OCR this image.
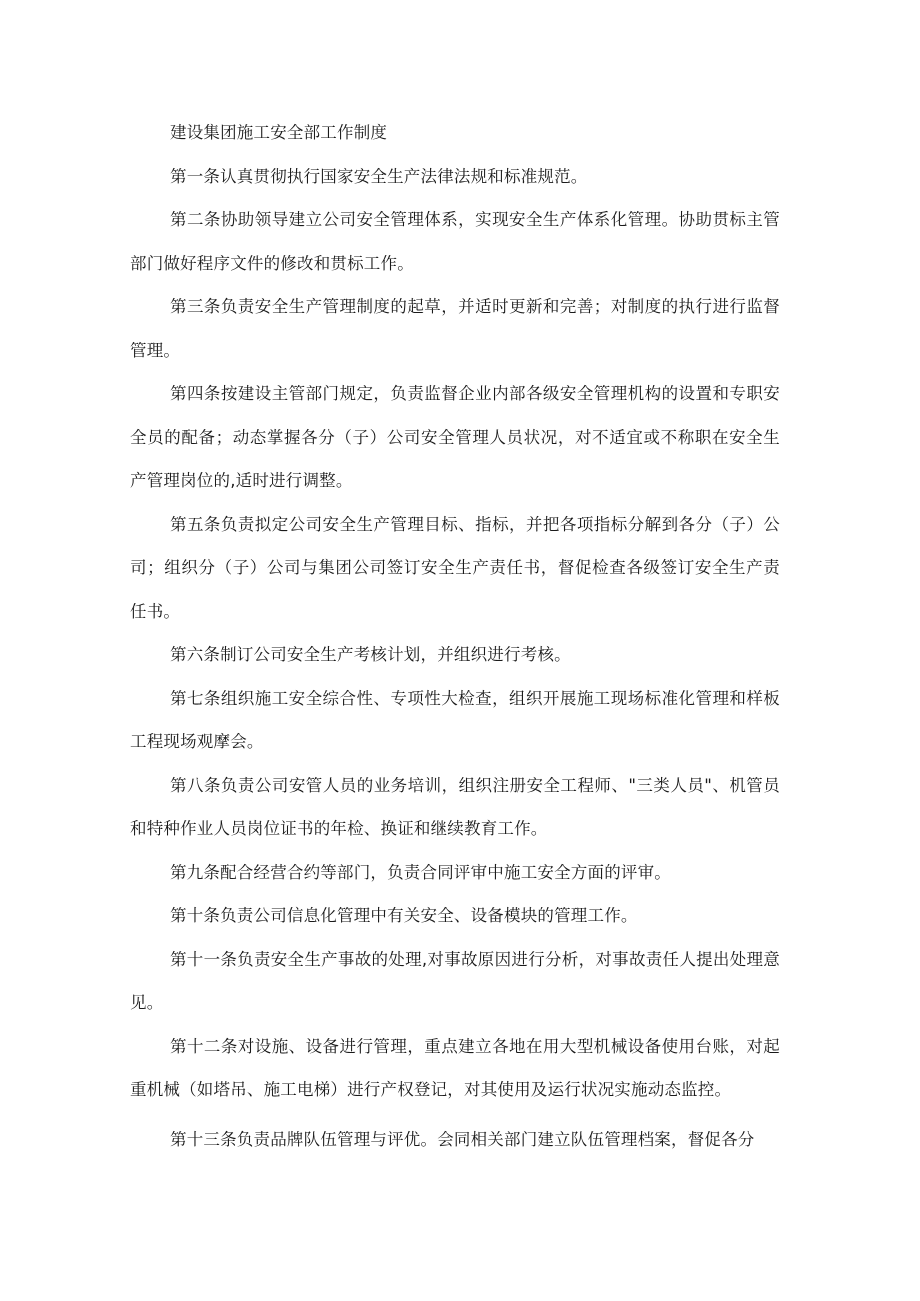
建设集团施工安全部工作制度

第一条认真贯彻执行国家安全生产法律法规和标准规范。

第二条协助领导建立公司安全管理体系，实现安全生产体系化管理。协助贯标主管部门做好程序文件的修改和贯标工作。

第三条负责安全生产管理制度的起草，并适时更新和完善；对制度的执行进行监督管理。

第四条按建设主管部门规定，负责监督企业内部各级安全管理机构的设置和专职安全员的配备；动态掌握各分（子）公司安全管理人员状况，对不适宜或不称职在安全生产管理岗位的,适时进行调整。

第五条负责拟定公司安全生产管理目标、指标，并把各项指标分解到各分（子）公司；组织分（子）公司与集团公司签订安全生产责任书，督促检查各级签订安全生产责任书。

第六条制订公司安全生产考核计划，并组织进行考核。

第七条组织施工安全综合性、专项性大检查，组织开展施工现场标准化管理和样板工程现场观摩会。

第八条负责公司安管人员的业务培训，组织注册安全工程师、"三类人员"、机管员和特种作业人员岗位证书的年检、换证和继续教育工作。

第九条配合经营合约等部门，负责合同评审中施工安全方面的评审。

第十条负责公司信息化管理中有关安全、设备模块的管理工作。

第十一条负责安全生产事故的处理,对事故原因进行分析，对事故责任人提出处理意见。

第十二条对设施、设备进行管理，重点建立各地在用大型机械设备使用台账，对起重机械（如塔吊、施工电梯）进行产权登记，对其使用及运行状况实施动态监控。

第十三条负责品牌队伍管理与评优。会同相关部门建立队伍管理档案，督促各分
